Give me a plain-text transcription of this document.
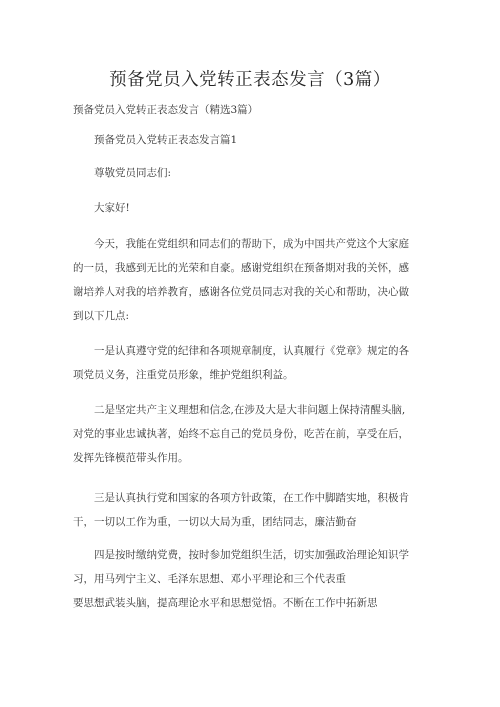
预备党员入党转正表态发言（3篇）
预备党员入党转正表态发言（精选3篇）
预备党员入党转正表态发言篇1
尊敬党员同志们:
大家好!
今天，我能在党组织和同志们的帮助下，成为中国共产党这个大家庭
的一员，我感到无比的光荣和自豪。感谢党组织在预备期对我的关怀，感
谢培养人对我的培养教育，感谢各位党员同志对我的关心和帮助，决心做
到以下几点:
一是认真遵守党的纪律和各项规章制度，认真履行《党章》规定的各
项党员义务，注重党员形象，维护党组织利益。
二是坚定共产主义理想和信念,在涉及大是大非问题上保持清醒头脑,
对党的事业忠诚执著，始终不忘自己的党员身份，吃苦在前，享受在后，
发挥先锋模范带头作用。
三是认真执行党和国家的各项方针政策，在工作中脚踏实地，积极肯
干，一切以工作为重，一切以大局为重，团结同志，廉洁勤奋
四是按时缴纳党费，按时参加党组织生活，切实加强政治理论知识学
习，用马列宁主义、毛泽东思想、邓小平理论和三个代表重
要思想武装头脑，提高理论水平和思想觉悟。不断在工作中拓新思
